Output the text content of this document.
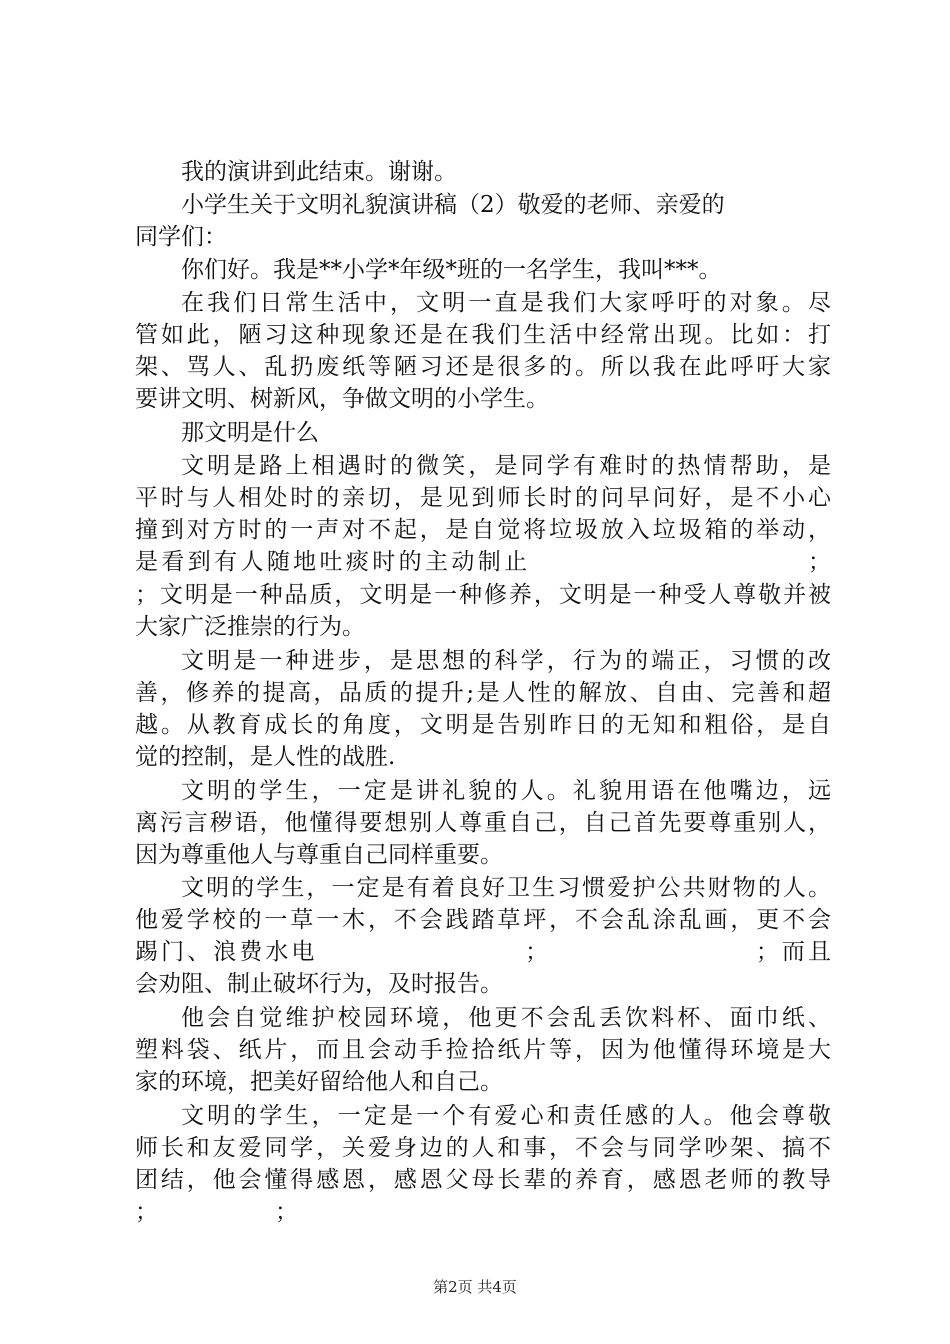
我的演讲到此结束。谢谢。
小学生关于文明礼貌演讲稿（2）敬爱的老师、亲爱的
同学们：
你们好。我是**小学*年级*班的一名学生，我叫***。
在我们日常生活中，文明一直是我们大家呼吁的对象。尽
管如此，陋习这种现象还是在我们生活中经常出现。比如：打
架、骂人、乱扔废纸等陋习还是很多的。所以我在此呼吁大家
要讲文明、树新风，争做文明的小学生。
那文明是什么
文明是路上相遇时的微笑，是同学有难时的热情帮助，是
平时与人相处时的亲切，是见到师长时的问早问好，是不小心
撞到对方时的一声对不起，是自觉将垃圾放入垃圾箱的举动，
是看到有人随地吐痰时的主动制止                          ；
；文明是一种品质，文明是一种修养，文明是一种受人尊敬并被
大家广泛推崇的行为。
文明是一种进步，是思想的科学，行为的端正，习惯的改
善，修养的提高，品质的提升;是人性的解放、自由、完善和超
越。从教育成长的角度，文明是告别昨日的无知和粗俗，是自
觉的控制，是人性的战胜.
文明的学生，一定是讲礼貌的人。礼貌用语在他嘴边，远
离污言秽语，他懂得要想别人尊重自己，自己首先要尊重别人，
因为尊重他人与尊重自己同样重要。
文明的学生，一定是有着良好卫生习惯爱护公共财物的人。
他爱学校的一草一木，不会践踏草坪，不会乱涂乱画，更不会
踢门、浪费水电                    ；                    ；而且
会劝阻、制止破坏行为，及时报告。
他会自觉维护校园环境，他更不会乱丢饮料杯、面巾纸、
塑料袋、纸片，而且会动手捡拾纸片等，因为他懂得环境是大
家的环境，把美好留给他人和自己。
文明的学生，一定是一个有爱心和责任感的人。他会尊敬
师长和友爱同学，关爱身边的人和事，不会与同学吵架、搞不
团结，他会懂得感恩，感恩父母长辈的养育，感恩老师的教导
；                ；
第2页 共4页
